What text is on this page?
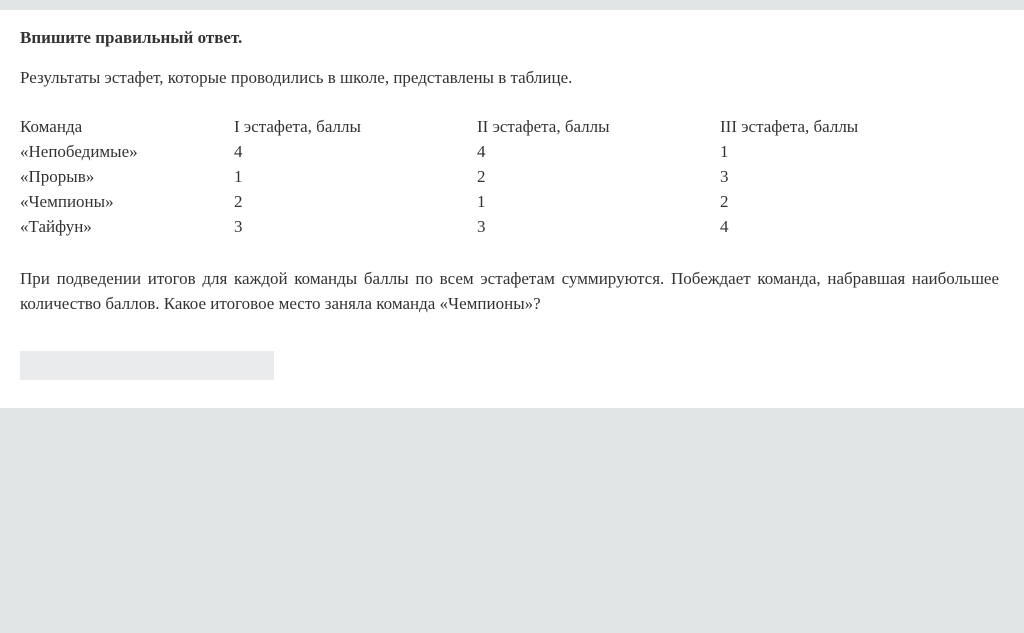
Впишите правильный ответ.
Результаты эстафет, которые проводились в школе, представлены в таблице.
Команда	I эстафета, баллы	II эстафета, баллы	III эстафета, баллы
«Непобедимые»	4	4	1
«Прорыв»	1	2	3
«Чемпионы»	2	1	2
«Тайфун»	3	3	4
При подведении итогов для каждой команды баллы по всем эстафетам суммируются. Побеждает команда, набравшая наибольшее количество баллов. Какое итоговое место заняла команда «Чемпионы»?
